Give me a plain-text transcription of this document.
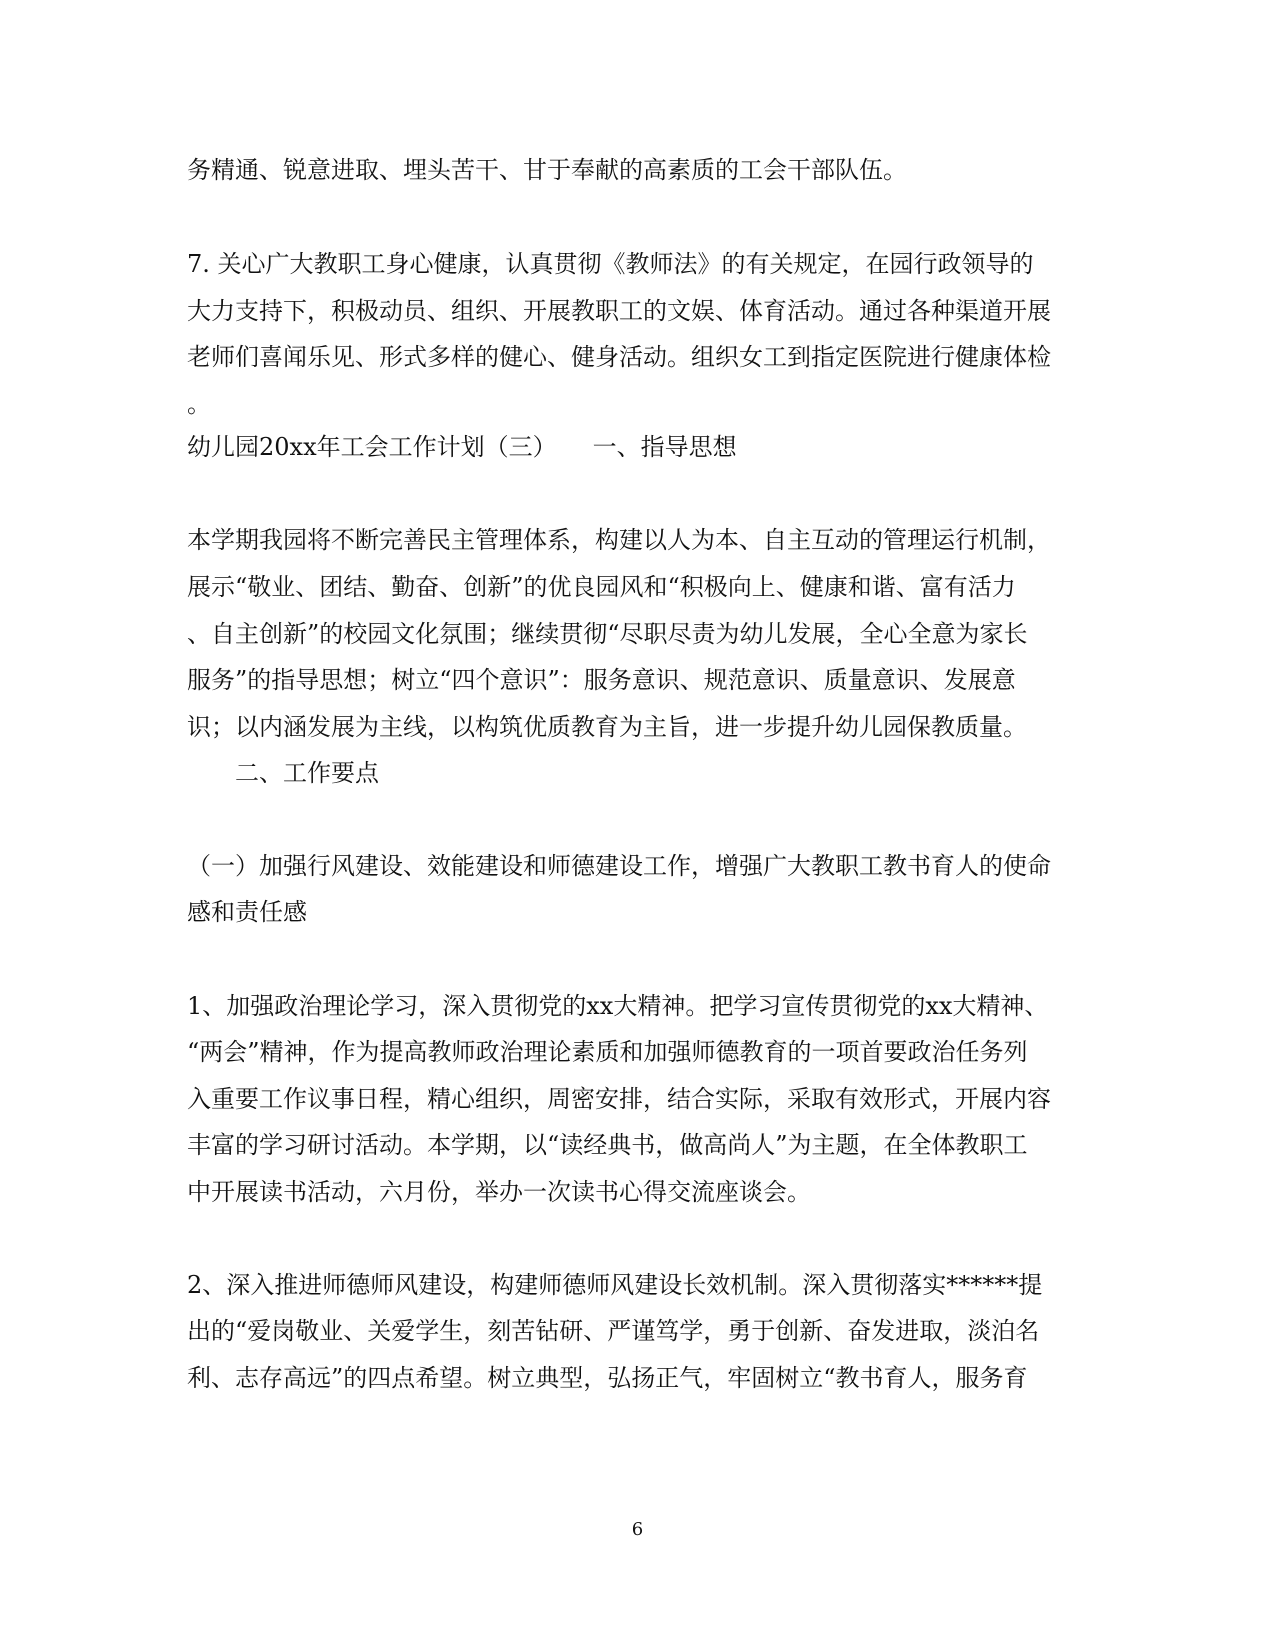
务精通、锐意进取、埋头苦干、甘于奉献的高素质的工会干部队伍。
7. 关心广大教职工身心健康，认真贯彻《教师法》的有关规定，在园行政领导的
大力支持下，积极动员、组织、开展教职工的文娱、体育活动。通过各种渠道开展
老师们喜闻乐见、形式多样的健心、健身活动。组织女工到指定医院进行健康体检
。
幼儿园20xx年工会工作计划（三）　　一、指导思想
本学期我园将不断完善民主管理体系，构建以人为本、自主互动的管理运行机制，
展示“敬业、团结、勤奋、创新”的优良园风和“积极向上、健康和谐、富有活力
、自主创新”的校园文化氛围；继续贯彻“尽职尽责为幼儿发展，全心全意为家长
服务”的指导思想；树立“四个意识”：服务意识、规范意识、质量意识、发展意
识；以内涵发展为主线，以构筑优质教育为主旨，进一步提升幼儿园保教质量。
　　二、工作要点
（一）加强行风建设、效能建设和师德建设工作，增强广大教职工教书育人的使命
感和责任感
1、加强政治理论学习，深入贯彻党的xx大精神。把学习宣传贯彻党的xx大精神、
“两会”精神，作为提高教师政治理论素质和加强师德教育的一项首要政治任务列
入重要工作议事日程，精心组织，周密安排，结合实际，采取有效形式，开展内容
丰富的学习研讨活动。本学期，以“读经典书，做高尚人”为主题，在全体教职工
中开展读书活动，六月份，举办一次读书心得交流座谈会。
2、深入推进师德师风建设，构建师德师风建设长效机制。深入贯彻落实******提
出的“爱岗敬业、关爱学生，刻苦钻研、严谨笃学，勇于创新、奋发进取，淡泊名
利、志存高远”的四点希望。树立典型，弘扬正气，牢固树立“教书育人，服务育
6
